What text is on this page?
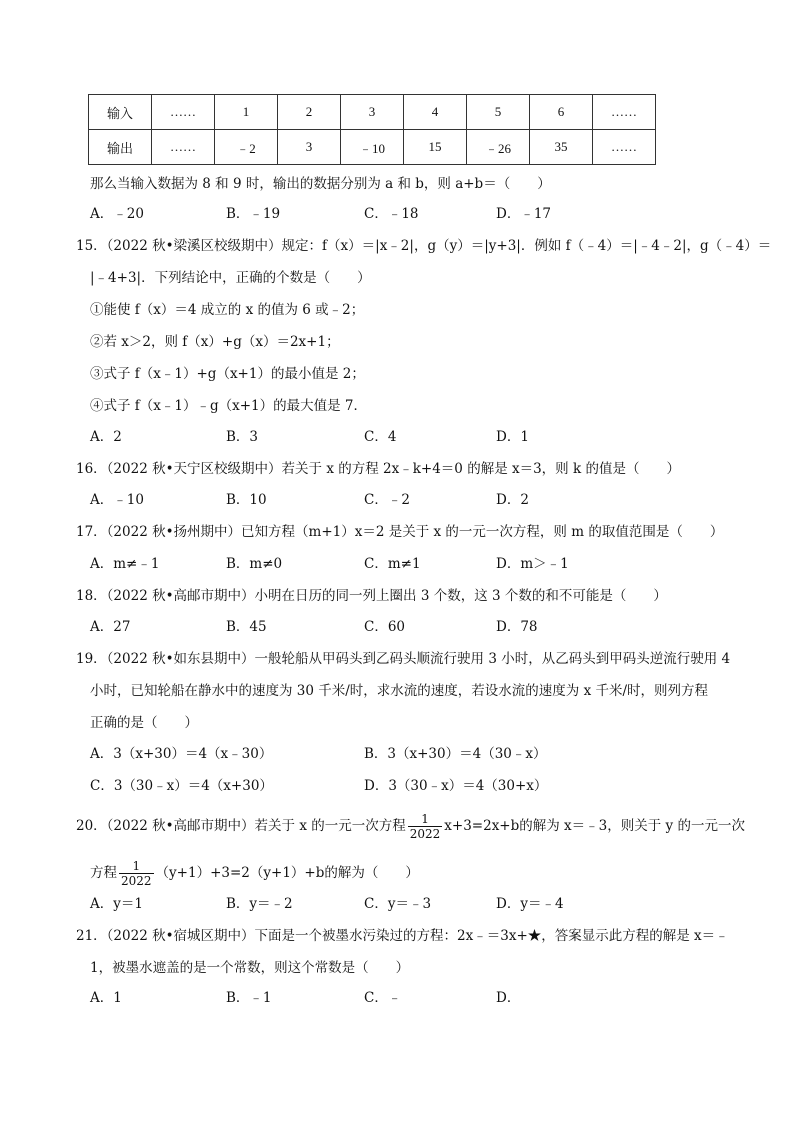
输入	……	1	2	3	4	5	6	……
输出	……	﹣2	3	﹣10	15	﹣26	35	……
那么当输入数据为 8 和 9 时，输出的数据分别为 a 和 b，则 a+b＝（　　）
A．﹣20	B．﹣19	C．﹣18	D．﹣17
15．（2022 秋•梁溪区校级期中）规定：f（x）＝|x﹣2|，g（y）＝|y+3|．例如 f（﹣4）＝|﹣4﹣2|，g（﹣4）＝
|﹣4+3|．下列结论中，正确的个数是（　　）
①能使 f（x）＝4 成立的 x 的值为 6 或﹣2；
②若 x＞2，则 f（x）+g（x）＝2x+1；
③式子 f（x﹣1）+g（x+1）的最小值是 2；
④式子 f（x﹣1）﹣g（x+1）的最大值是 7．
A．2	B．3	C．4	D．1
16．（2022 秋•天宁区校级期中）若关于 x 的方程 2x﹣k+4＝0 的解是 x＝3，则 k 的值是（　　）
A．﹣10	B．10	C．﹣2	D．2
17．（2022 秋•扬州期中）已知方程（m+1）x＝2 是关于 x 的一元一次方程，则 m 的取值范围是（　　）
A．m≠﹣1	B．m≠0	C．m≠1	D．m＞﹣1
18．（2022 秋•高邮市期中）小明在日历的同一列上圈出 3 个数，这 3 个数的和不可能是（　　）
A．27	B．45	C．60	D．78
19．（2022 秋•如东县期中）一般轮船从甲码头到乙码头顺流行驶用 3 小时，从乙码头到甲码头逆流行驶用 4
小时，已知轮船在静水中的速度为 30 千米/时，求水流的速度，若设水流的速度为 x 千米/时，则列方程
正确的是（　　）
A．3（x+30）＝4（x﹣30）	B．3（x+30）＝4（30﹣x）
C．3（30﹣x）＝4（x+30）	D．3（30﹣x）＝4（30+x）
20．（2022 秋•高邮市期中）若关于 x 的一元一次方程 $\frac{1}{2022} x+3=2x+b$的解为 x＝﹣3，则关于 y 的一元一次
方程 $\frac{1}{2022} (y+1)+3=2(y+1)+b$的解为（　　）
A．y＝1	B．y＝﹣2	C．y＝﹣3	D．y＝﹣4
21．（2022 秋•宿城区期中）下面是一个被墨水污染过的方程：2x﹣＝3x+★，答案显示此方程的解是 x＝﹣
1，被墨水遮盖的是一个常数，则这个常数是（　　）
A．1	B．﹣1	C．﹣	D．
